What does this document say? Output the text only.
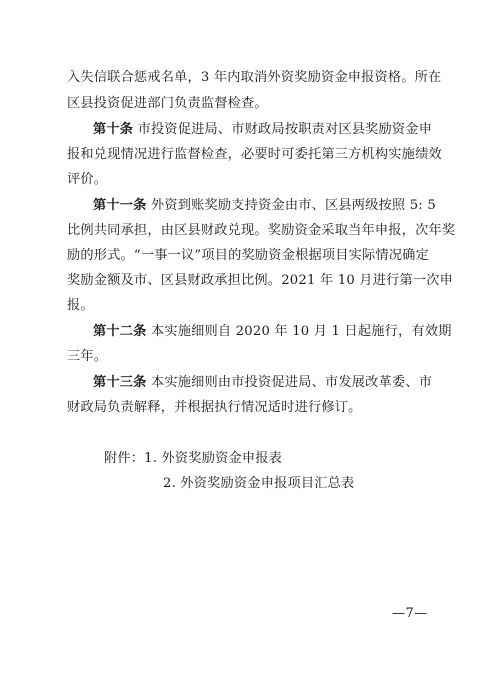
入失信联合惩戒名单，3 年内取消外资奖励资金申报资格。所在
区县投资促进部门负责监督检查。
第十条 市投资促进局、市财政局按职责对区县奖励资金申
报和兑现情况进行监督检查，必要时可委托第三方机构实施绩效
评价。
第十一条 外资到账奖励支持资金由市、区县两级按照 5: 5
比例共同承担，由区县财政兑现。奖励资金采取当年申报，次年奖
励的形式。“一事一议”项目的奖励资金根据项目实际情况确定
奖励金额及市、区县财政承担比例。2021 年 10 月进行第一次申
报。
第十二条 本实施细则自 2020 年 10 月 1 日起施行，有效期
三年。
第十三条 本实施细则由市投资促进局、市发展改革委、市
财政局负责解释，并根据执行情况适时进行修订。
附件：1. 外资奖励资金申报表
2. 外资奖励资金申报项目汇总表
—7—
